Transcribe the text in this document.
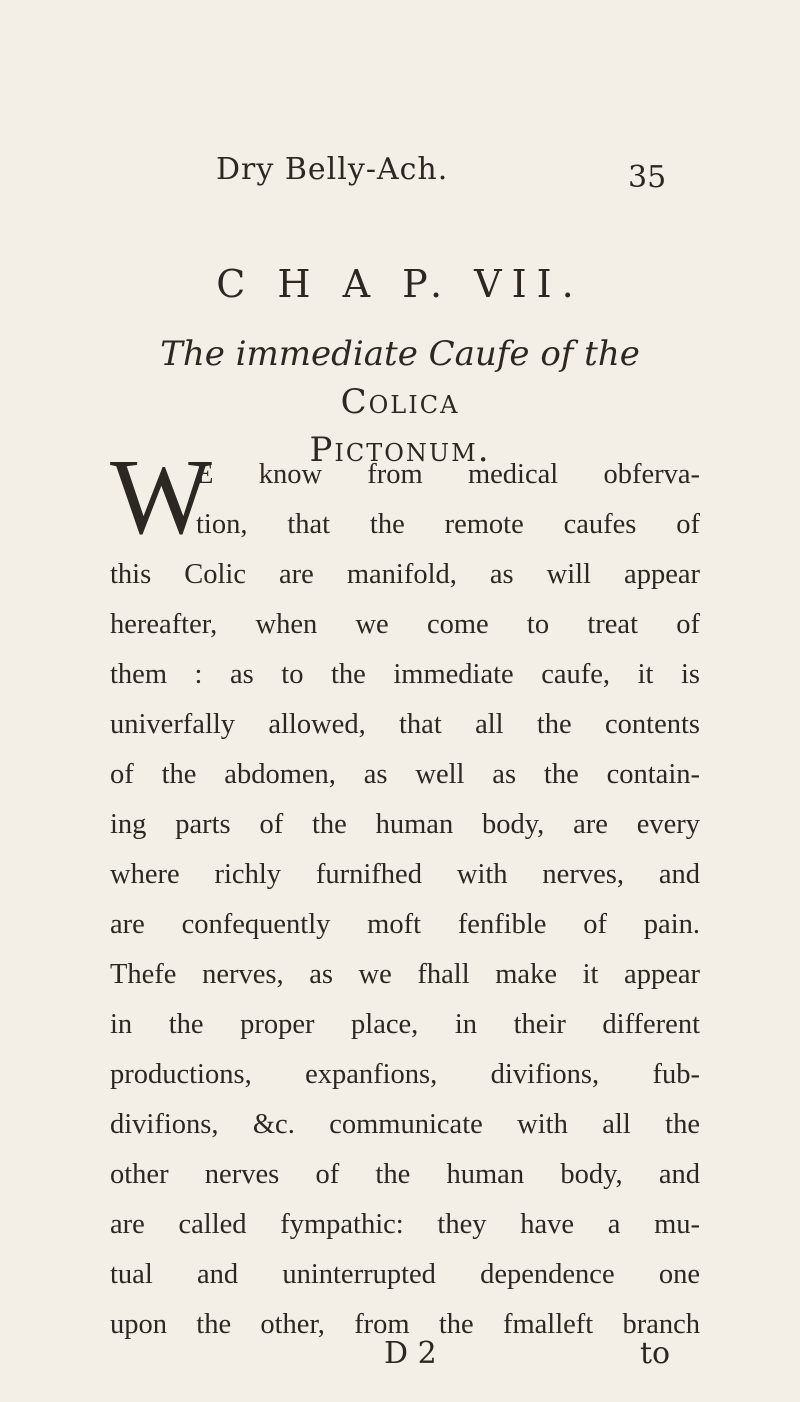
Dry Belly-Ach.	35
C H A P. VII.
The immediate Caufe of the Colica
Pictonum.
W
E know from medical obferva-
tion, that the remote caufes of
this Colic are manifold, as will appear
hereafter, when we come to treat of
them : as to the immediate caufe, it is
univerfally allowed, that all the contents
of the abdomen, as well as the contain-
ing parts of the human body, are every
where richly furnifhed with nerves, and
are confequently moft fenfible of pain.
Thefe nerves, as we fhall make it appear
in the proper place, in their different
productions, expanfions, divifions, fub-
divifions, &c. communicate with all the
other nerves of the human body, and
are called fympathic: they have a mu-
tual and uninterrupted dependence one
upon the other, from the fmalleft branch
D 2	to
